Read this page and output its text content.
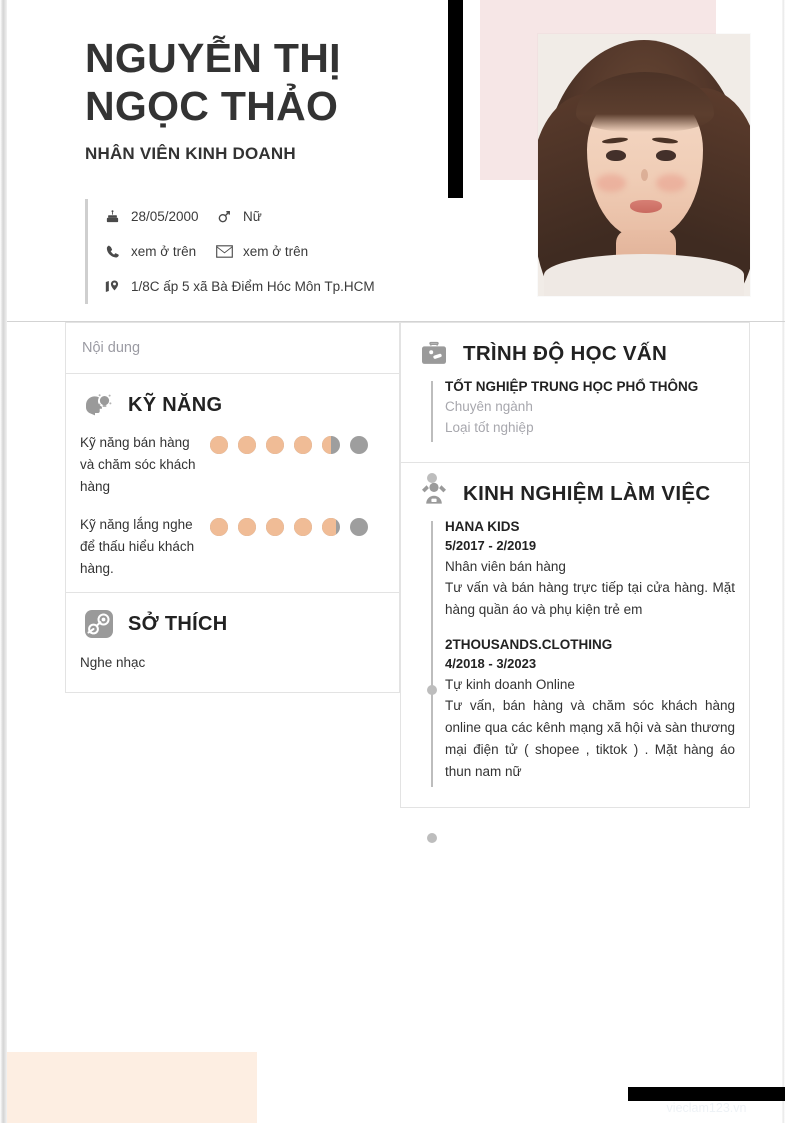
NGUYỄN THỊ NGỌC THẢO
NHÂN VIÊN KINH DOANH
28/05/2000	Nữ
xem ở trên	xem ở trên
1/8C ấp 5 xã Bà Điểm Hóc Môn Tp.HCM
Nội dung
KỸ NĂNG
Kỹ năng bán hàng và chăm sóc khách hàng
Kỹ năng lắng nghe để thấu hiểu khách hàng.
SỞ THÍCH
Nghe nhạc
TRÌNH ĐỘ HỌC VẤN
TỐT NGHIỆP TRUNG HỌC PHỔ THÔNG
Chuyên ngành
Loại tốt nghiệp
KINH NGHIỆM LÀM VIỆC
HANA KIDS
5/2017 - 2/2019
Nhân viên bán hàng
Tư vấn và bán hàng trực tiếp tại cửa hàng. Mặt hàng quần áo và phụ kiện trẻ em
2THOUSANDS.CLOTHING
4/2018 - 3/2023
Tự kinh doanh Online
Tư vấn, bán hàng và chăm sóc khách hàng online qua các kênh mạng xã hội và sàn thương mại điện tử ( shopee , tiktok ) . Mặt hàng áo thun nam nữ
vieclam123.vn
